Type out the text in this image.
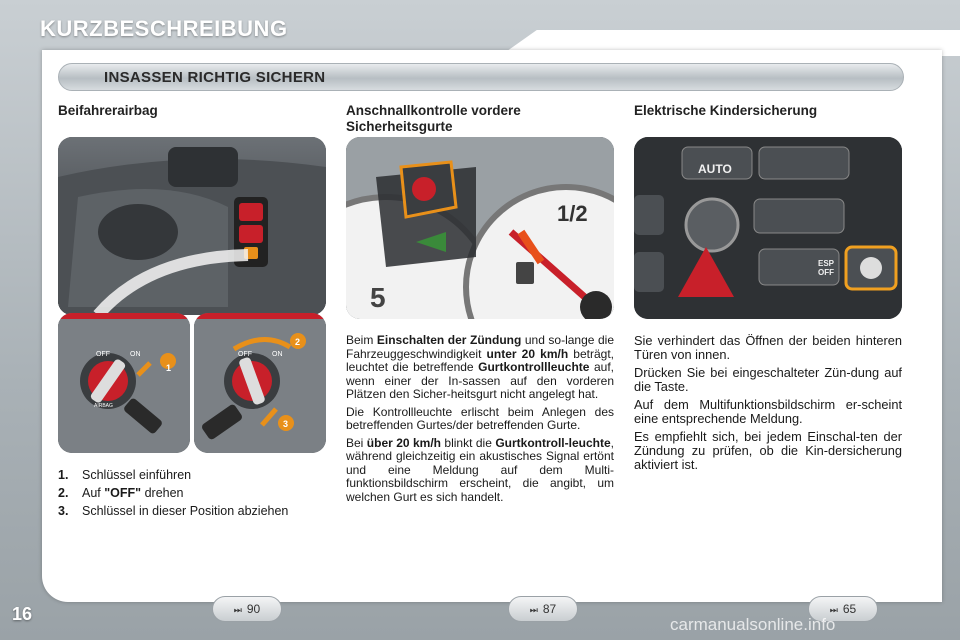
KURZBESCHREIBUNG
INSASSEN RICHTIG SICHERN
Beifahrerairbag
OFF	ON
AIRBAG
1
OFF	ON
2
3
1. Schlüssel einführen
2. Auf "OFF" drehen
3. Schlüssel in dieser Position abziehen
Anschnallkontrolle vordere
Sicherheitsgurte
1/2
5

Beim Einschalten der Zündung und so-lange die Fahrzeuggeschwindigkeit unter 20 km/h beträgt, leuchtet die betreffende Gurtkontrollleuchte auf, wenn einer der In-sassen auf den vorderen Plätzen den Sicher-heitsgurt nicht angelegt hat.

Die Kontrollleuchte erlischt beim Anlegen des betreffenden Gurtes/der betreffenden Gurte.

Bei über 20 km/h blinkt die Gurtkontroll-leuchte, während gleichzeitig ein akustisches Signal ertönt und eine Meldung auf dem Multi-funktionsbildschirm erscheint, die angibt, um welchen Gurt es sich handelt.

Elektrische Kindersicherung
AUTO
ESP
OFF

Sie verhindert das Öffnen der beiden hinteren Türen von innen.

Drücken Sie bei eingeschalteter Zün-dung auf die Taste.

Auf dem Multifunktionsbildschirm er-scheint eine entsprechende Meldung.

Es empfiehlt sich, bei jedem Einschal-ten der Zündung zu prüfen, ob die Kin-dersicherung aktiviert ist.

⏭ 90	⏭ 87	⏭ 65
16
carmanualsonline.info
